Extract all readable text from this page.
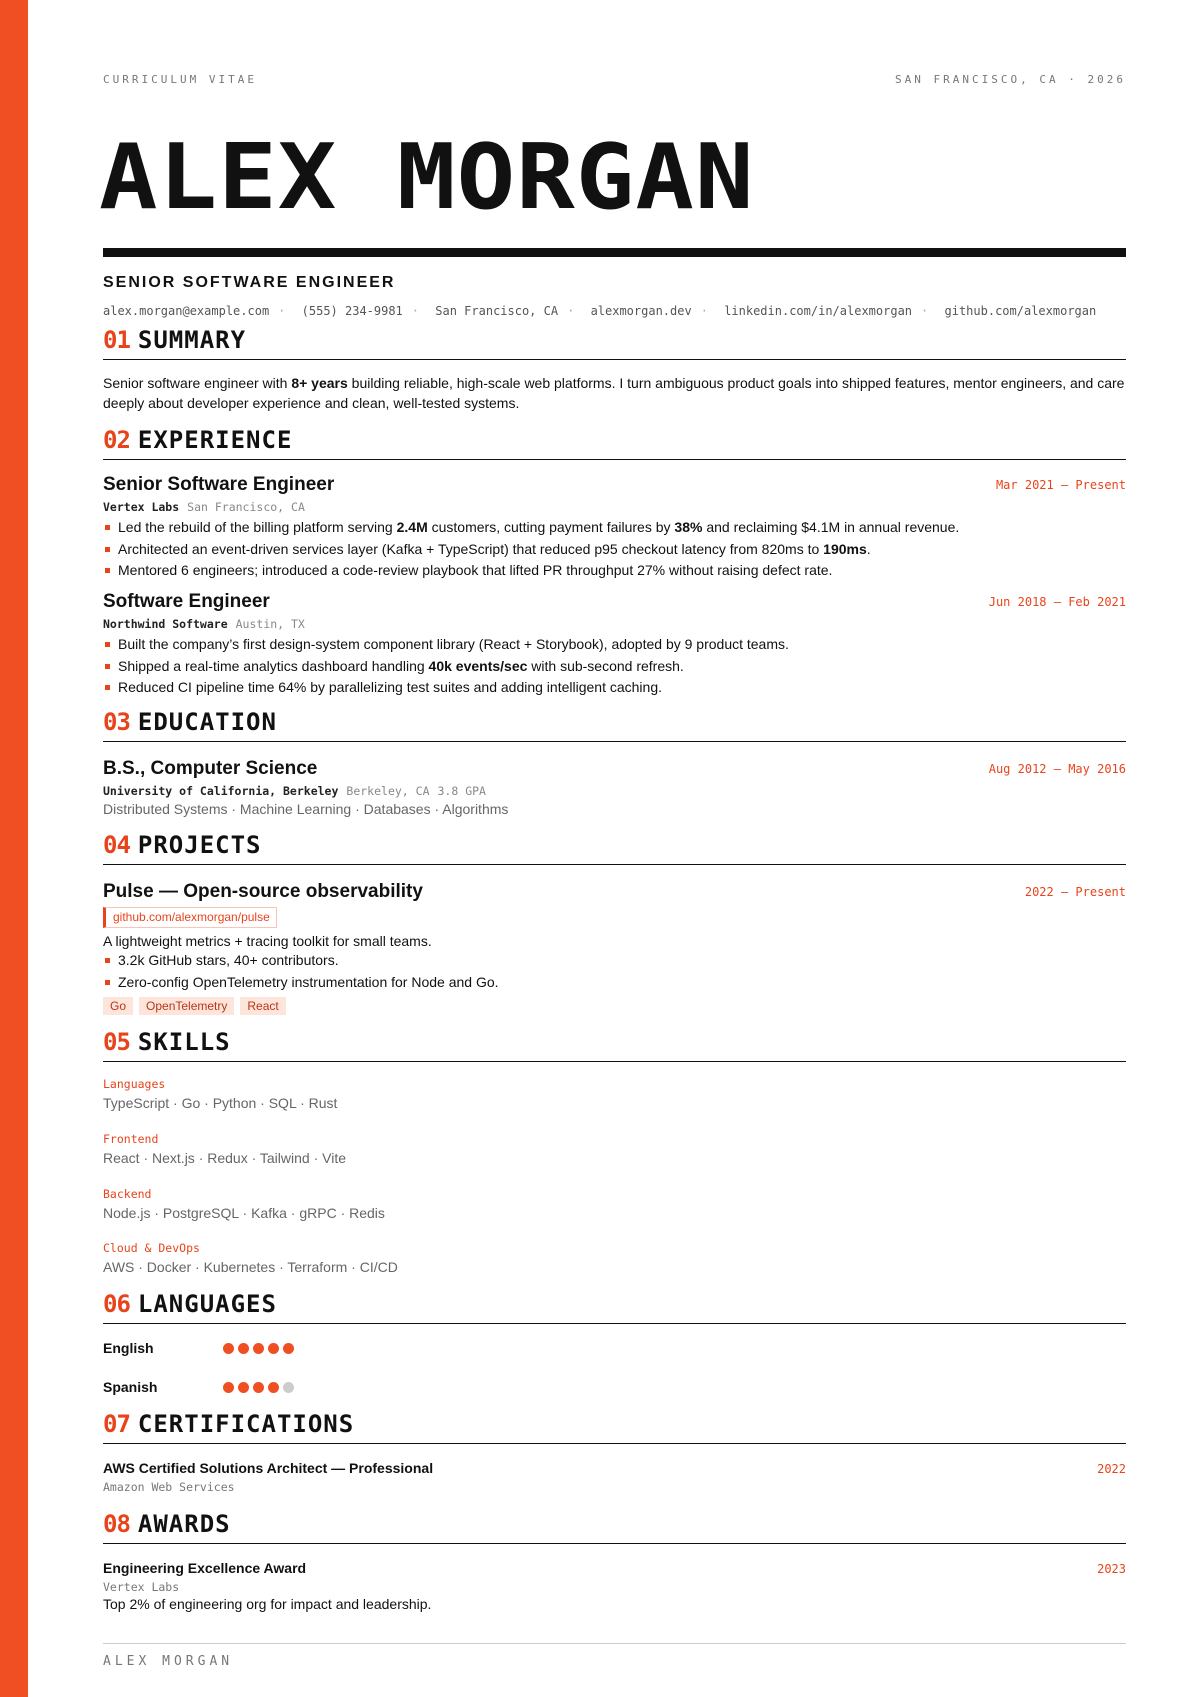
CURRICULUM VITAE	SAN FRANCISCO, CA · 2026
ALEX MORGAN
SENIOR SOFTWARE ENGINEER
alex.morgan@example.com · (555) 234-9981 · San Francisco, CA · alexmorgan.dev · linkedin.com/in/alexmorgan · github.com/alexmorgan
01 SUMMARY
Senior software engineer with 8+ years building reliable, high-scale web platforms. I turn ambiguous product goals into shipped features, mentor engineers, and care deeply about developer experience and clean, well-tested systems.
02 EXPERIENCE
Senior Software Engineer	Mar 2021 — Present
Vertex Labs San Francisco, CA
Led the rebuild of the billing platform serving 2.4M customers, cutting payment failures by 38% and reclaiming $4.1M in annual revenue.
Architected an event-driven services layer (Kafka + TypeScript) that reduced p95 checkout latency from 820ms to 190ms.
Mentored 6 engineers; introduced a code-review playbook that lifted PR throughput 27% without raising defect rate.
Software Engineer	Jun 2018 — Feb 2021
Northwind Software Austin, TX
Built the company’s first design-system component library (React + Storybook), adopted by 9 product teams.
Shipped a real-time analytics dashboard handling 40k events/sec with sub-second refresh.
Reduced CI pipeline time 64% by parallelizing test suites and adding intelligent caching.
03 EDUCATION
B.S., Computer Science	Aug 2012 — May 2016
University of California, Berkeley Berkeley, CA 3.8 GPA
Distributed Systems · Machine Learning · Databases · Algorithms
04 PROJECTS
Pulse — Open-source observability	2022 — Present
github.com/alexmorgan/pulse
A lightweight metrics + tracing toolkit for small teams.
3.2k GitHub stars, 40+ contributors.
Zero-config OpenTelemetry instrumentation for Node and Go.
Go	OpenTelemetry	React
05 SKILLS
Languages
TypeScript · Go · Python · SQL · Rust
Frontend
React · Next.js · Redux · Tailwind · Vite
Backend
Node.js · PostgreSQL · Kafka · gRPC · Redis
Cloud & DevOps
AWS · Docker · Kubernetes · Terraform · CI/CD
06 LANGUAGES
English
Spanish
07 CERTIFICATIONS
AWS Certified Solutions Architect — Professional	2022
Amazon Web Services
08 AWARDS
Engineering Excellence Award	2023
Vertex Labs
Top 2% of engineering org for impact and leadership.
ALEX MORGAN
